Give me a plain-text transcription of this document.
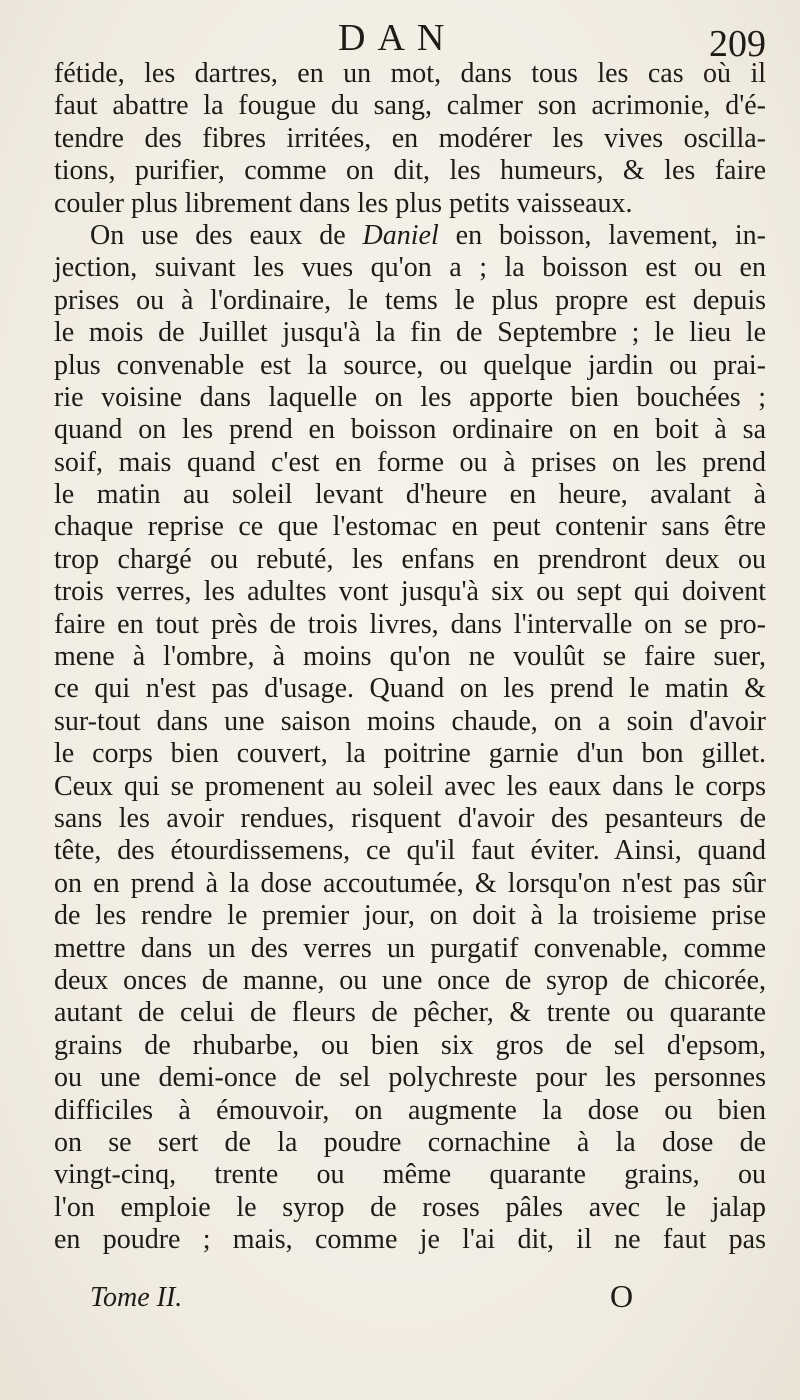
DAN	209
fétide, les dartres, en un mot, dans tous les cas où il
faut abattre la fougue du sang, calmer son acrimonie, d'é-
tendre des fibres irritées, en modérer les vives oscilla-
tions, purifier, comme on dit, les humeurs, & les faire
couler plus librement dans les plus petits vaisseaux.
On use des eaux de Daniel en boisson, lavement, in-
jection, suivant les vues qu'on a ; la boisson est ou en
prises ou à l'ordinaire, le tems le plus propre est depuis
le mois de Juillet jusqu'à la fin de Septembre ; le lieu le
plus convenable est la source, ou quelque jardin ou prai-
rie voisine dans laquelle on les apporte bien bouchées ;
quand on les prend en boisson ordinaire on en boit à sa
soif, mais quand c'est en forme ou à prises on les prend
le matin au soleil levant d'heure en heure, avalant à
chaque reprise ce que l'estomac en peut contenir sans être
trop chargé ou rebuté, les enfans en prendront deux ou
trois verres, les adultes vont jusqu'à six ou sept qui doivent
faire en tout près de trois livres, dans l'intervalle on se pro-
mene à l'ombre, à moins qu'on ne voulût se faire suer,
ce qui n'est pas d'usage. Quand on les prend le matin &
sur-tout dans une saison moins chaude, on a soin d'avoir
le corps bien couvert, la poitrine garnie d'un bon gillet.
Ceux qui se promenent au soleil avec les eaux dans le corps
sans les avoir rendues, risquent d'avoir des pesanteurs de
tête, des étourdissemens, ce qu'il faut éviter. Ainsi, quand
on en prend à la dose accoutumée, & lorsqu'on n'est pas sûr
de les rendre le premier jour, on doit à la troisieme prise
mettre dans un des verres un purgatif convenable, comme
deux onces de manne, ou une once de syrop de chicorée,
autant de celui de fleurs de pêcher, & trente ou quarante
grains de rhubarbe, ou bien six gros de sel d'epsom,
ou une demi-once de sel polychreste pour les personnes
difficiles à émouvoir, on augmente la dose ou bien
on se sert de la poudre cornachine à la dose de
vingt-cinq, trente ou même quarante grains, ou
l'on emploie le syrop de roses pâles avec le jalap
en poudre ; mais, comme je l'ai dit, il ne faut pas
Tome II.	O
